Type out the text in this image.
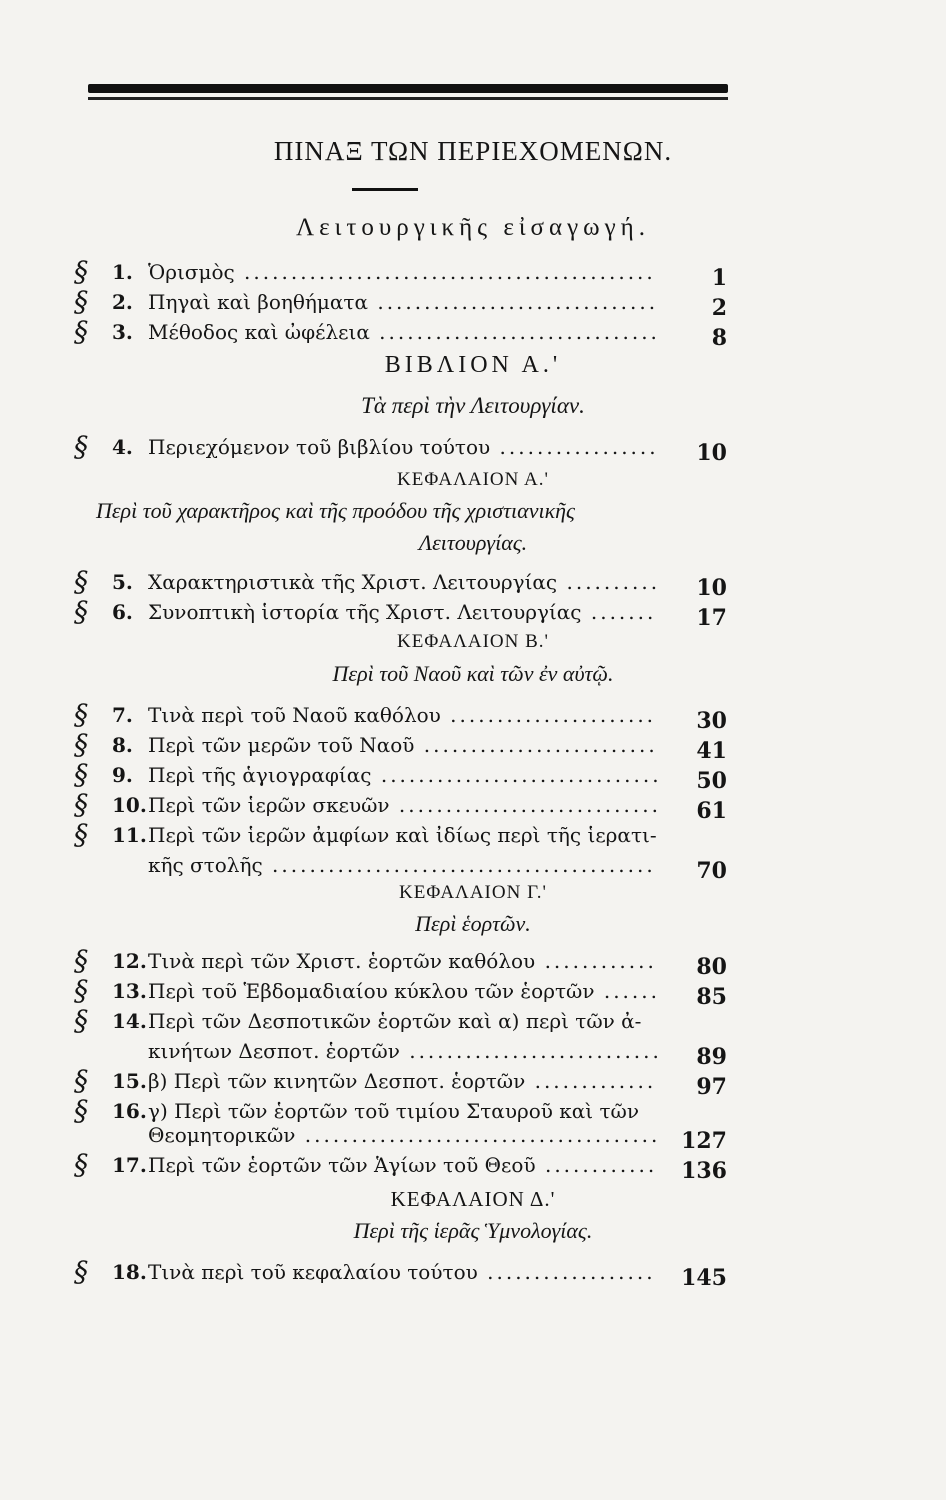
ΠΙΝΑΞ ΤΩΝ ΠΕΡΙΕΧΟΜΕΝΩΝ.
Λειτουργικῆς εἰσαγωγή.
§ 1. Ὁρισμὸς .....	1
§ 2. Πηγαὶ καὶ βοηθήματα .....	2
§ 3. Μέθοδος καὶ ὠφέλεια .....	8
ΒΙΒΛΙΟΝ Α.'
Τὰ περὶ τὴν Λειτουργίαν.
§ 4. Περιεχόμενον τοῦ βιβλίου τούτου .....	10
ΚΕΦΑΛΑΙΟΝ Α.'
Περὶ τοῦ χαρακτῆρος καὶ τῆς προόδου τῆς χριστιανικῆς
Λειτουργίας.
§ 5. Χαρακτηριστικὰ τῆς Χριστ. Λειτουργίας .....	10
§ 6. Συνοπτικὴ ἱστορία τῆς Χριστ. Λειτουργίας .....	17
ΚΕΦΑΛΑΙΟΝ Β.'
Περὶ τοῦ Ναοῦ καὶ τῶν ἐν αὐτῷ.
§ 7. Τινὰ περὶ τοῦ Ναοῦ καθόλου .....	30
§ 8. Περὶ τῶν μερῶν τοῦ Ναοῦ .....	41
§ 9. Περὶ τῆς ἁγιογραφίας .....	50
§ 10. Περὶ τῶν ἱερῶν σκευῶν .....	61
§ 11. Περὶ τῶν ἱερῶν ἀμφίων καὶ ἰδίως περὶ τῆς ἱερατι-
κῆς στολῆς .....	70
ΚΕΦΑΛΑΙΟΝ Γ.'
Περὶ ἑορτῶν.
§ 12. Τινὰ περὶ τῶν Χριστ. ἑορτῶν καθόλου .....	80
§ 13. Περὶ τοῦ Ἑβδομαδιαίου κύκλου τῶν ἑορτῶν .....	85
§ 14. Περὶ τῶν Δεσποτικῶν ἑορτῶν καὶ α) περὶ τῶν ἀ-
κινήτων Δεσποτ. ἑορτῶν .....	89
§ 15. β) Περὶ τῶν κινητῶν Δεσποτ. ἑορτῶν .....	97
§ 16. γ) Περὶ τῶν ἑορτῶν τοῦ τιμίου Σταυροῦ καὶ τῶν
Θεομητορικῶν .....	127
§ 17. Περὶ τῶν ἑορτῶν τῶν Ἁγίων τοῦ Θεοῦ .....	136
ΚΕΦΑΛΑΙΟΝ Δ.'
Περὶ τῆς ἱερᾶς Ὑμνολογίας.
§ 18. Τινὰ περὶ τοῦ κεφαλαίου τούτου .....	145
